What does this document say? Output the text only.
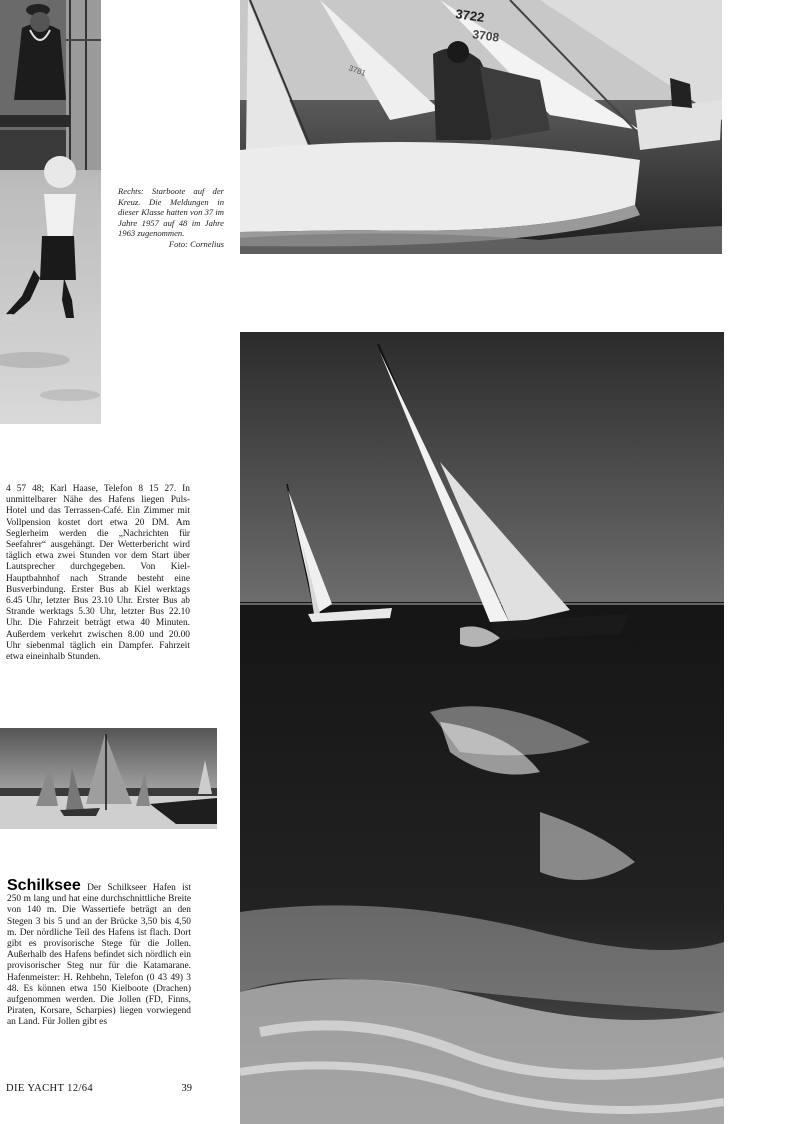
3722
3708
3781
Rechts: Starboote auf der Kreuz. Die Meldungen in dieser Klasse hatten von 37 im Jahre 1957 auf 48 im Jahre 1963 zugenommen.
Foto: Cornelius
4 57 48; Karl Haase, Telefon 8 15 27. In unmittelbarer Nähe des Hafens liegen Puls-Hotel und das Terrassen-Café. Ein Zimmer mit Vollpension kostet dort etwa 20 DM. Am Seglerheim werden die „Nachrichten für Seefahrer“ ausgehängt. Der Wetterbericht wird täglich etwa zwei Stunden vor dem Start über Lautsprecher durchgegeben. Von Kiel-Hauptbahnhof nach Strande besteht eine Busverbindung. Erster Bus ab Kiel werktags 6.45 Uhr, letzter Bus 23.10 Uhr. Erster Bus ab Strande werktags 5.30 Uhr, letzter Bus 22.10 Uhr. Die Fahrzeit beträgt etwa 40 Minuten. Außerdem verkehrt zwischen 8.00 und 20.00 Uhr siebenmal täglich ein Dampfer. Fahrzeit etwa eineinhalb Stunden.
Schilksee Der Schilkseer Hafen ist 250 m lang und hat eine durchschnittliche Breite von 140 m. Die Wassertiefe beträgt an den Stegen 3 bis 5 und an der Brücke 3,50 bis 4,50 m. Der nördliche Teil des Hafens ist flach. Dort gibt es provisorische Stege für die Jollen. Außerhalb des Hafens befindet sich nördlich ein provisorischer Steg nur für die Katamarane. Hafenmeister: H. Rehbehn, Telefon (0 43 49) 3 48. Es können etwa 150 Kielboote (Drachen) aufgenommen werden. Die Jollen (FD, Finns, Piraten, Korsare, Scharpies) liegen vorwiegend an Land. Für Jollen gibt es
DIE YACHT 12/64	39
